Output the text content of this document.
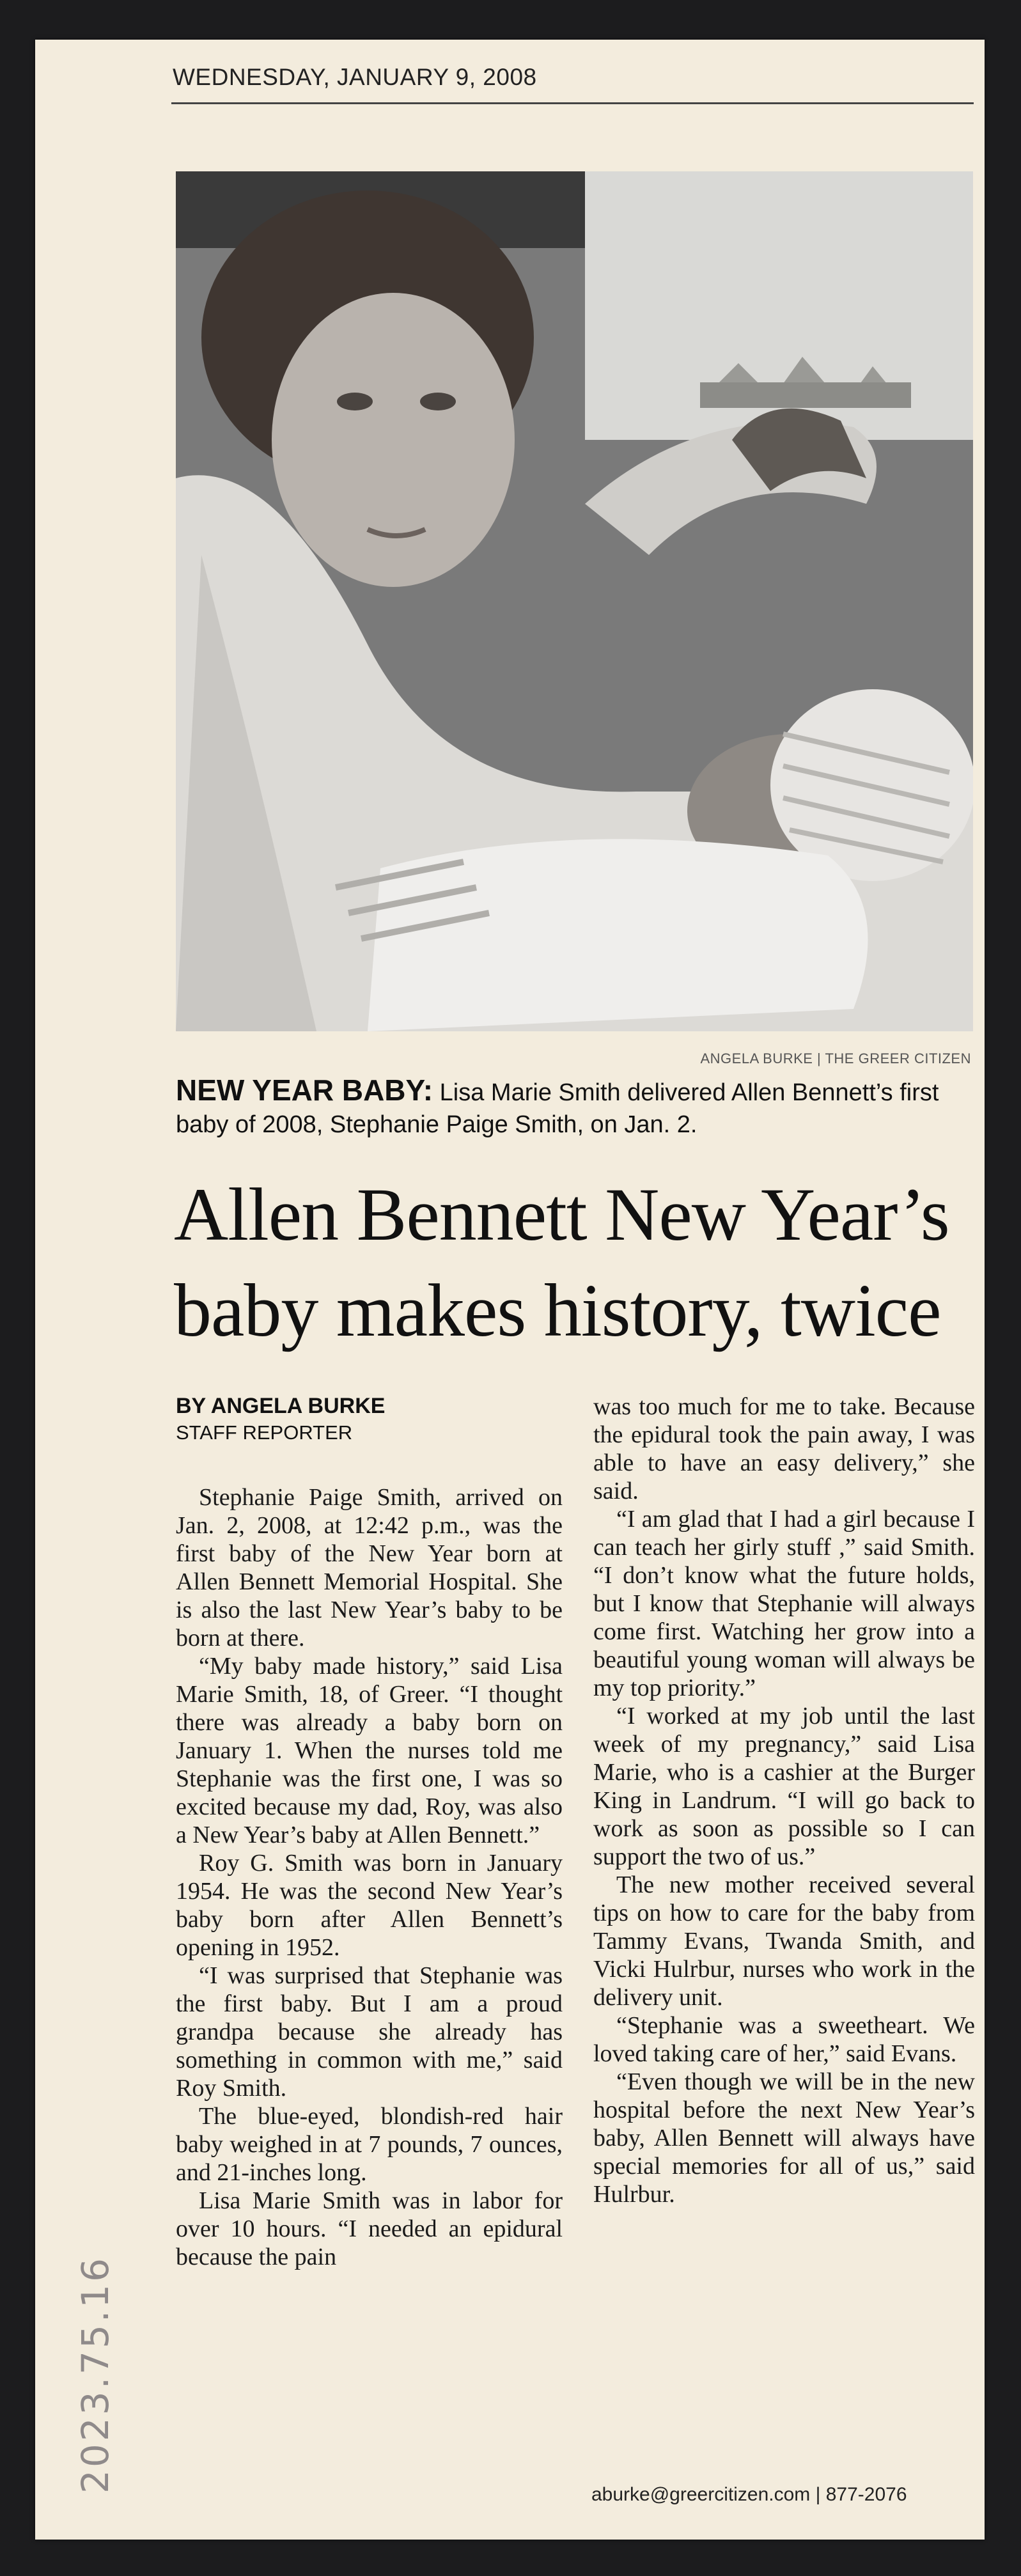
WEDNESDAY, JANUARY 9, 2008
ANGELA BURKE | THE GREER CITIZEN
NEW YEAR BABY: Lisa Marie Smith delivered Allen Bennett’s first baby of 2008, Stephanie Paige Smith, on Jan. 2.
Allen Bennett New Year’s baby makes history, twice
BY ANGELA BURKE
STAFF REPORTER

Stephanie Paige Smith, arrived on Jan. 2, 2008, at 12:42 p.m., was the first baby of the New Year born at Allen Bennett Memorial Hospital. She is also the last New Year’s baby to be born at there.

“My baby made history,” said Lisa Marie Smith, 18, of Greer. “I thought there was already a baby born on January 1. When the nurses told me Stephanie was the first one, I was so excited because my dad, Roy, was also a New Year’s baby at Allen Bennett.”

Roy G. Smith was born in January 1954. He was the second New Year’s baby born after Allen Bennett’s opening in 1952.

“I was surprised that Stephanie was the first baby. But I am a proud grandpa because she already has something in common with me,” said Roy Smith.

The blue-eyed, blondish-red hair baby weighed in at 7 pounds, 7 ounces, and 21-inches long.

Lisa Marie Smith was in labor for over 10 hours. “I needed an epidural because the pain

was too much for me to take. Because the epidural took the pain away, I was able to have an easy delivery,” she said.

“I am glad that I had a girl because I can teach her girly stuff ,” said Smith. “I don’t know what the future holds, but I know that Stephanie will always come first. Watching her grow into a beautiful young woman will always be my top priority.”

“I worked at my job until the last week of my pregnancy,” said Lisa Marie, who is a cashier at the Burger King in Landrum. “I will go back to work as soon as possible so I can support the two of us.”

The new mother received several tips on how to care for the baby from Tammy Evans, Twanda Smith, and Vicki Hulrbur, nurses who work in the delivery unit.

“Stephanie was a sweetheart. We loved taking care of her,” said Evans.

“Even though we will be in the new hospital before the next New Year’s baby, Allen Bennett will always have special memories for all of us,” said Hulrbur.

aburke@greercitizen.com | 877-2076
2023.75.16
